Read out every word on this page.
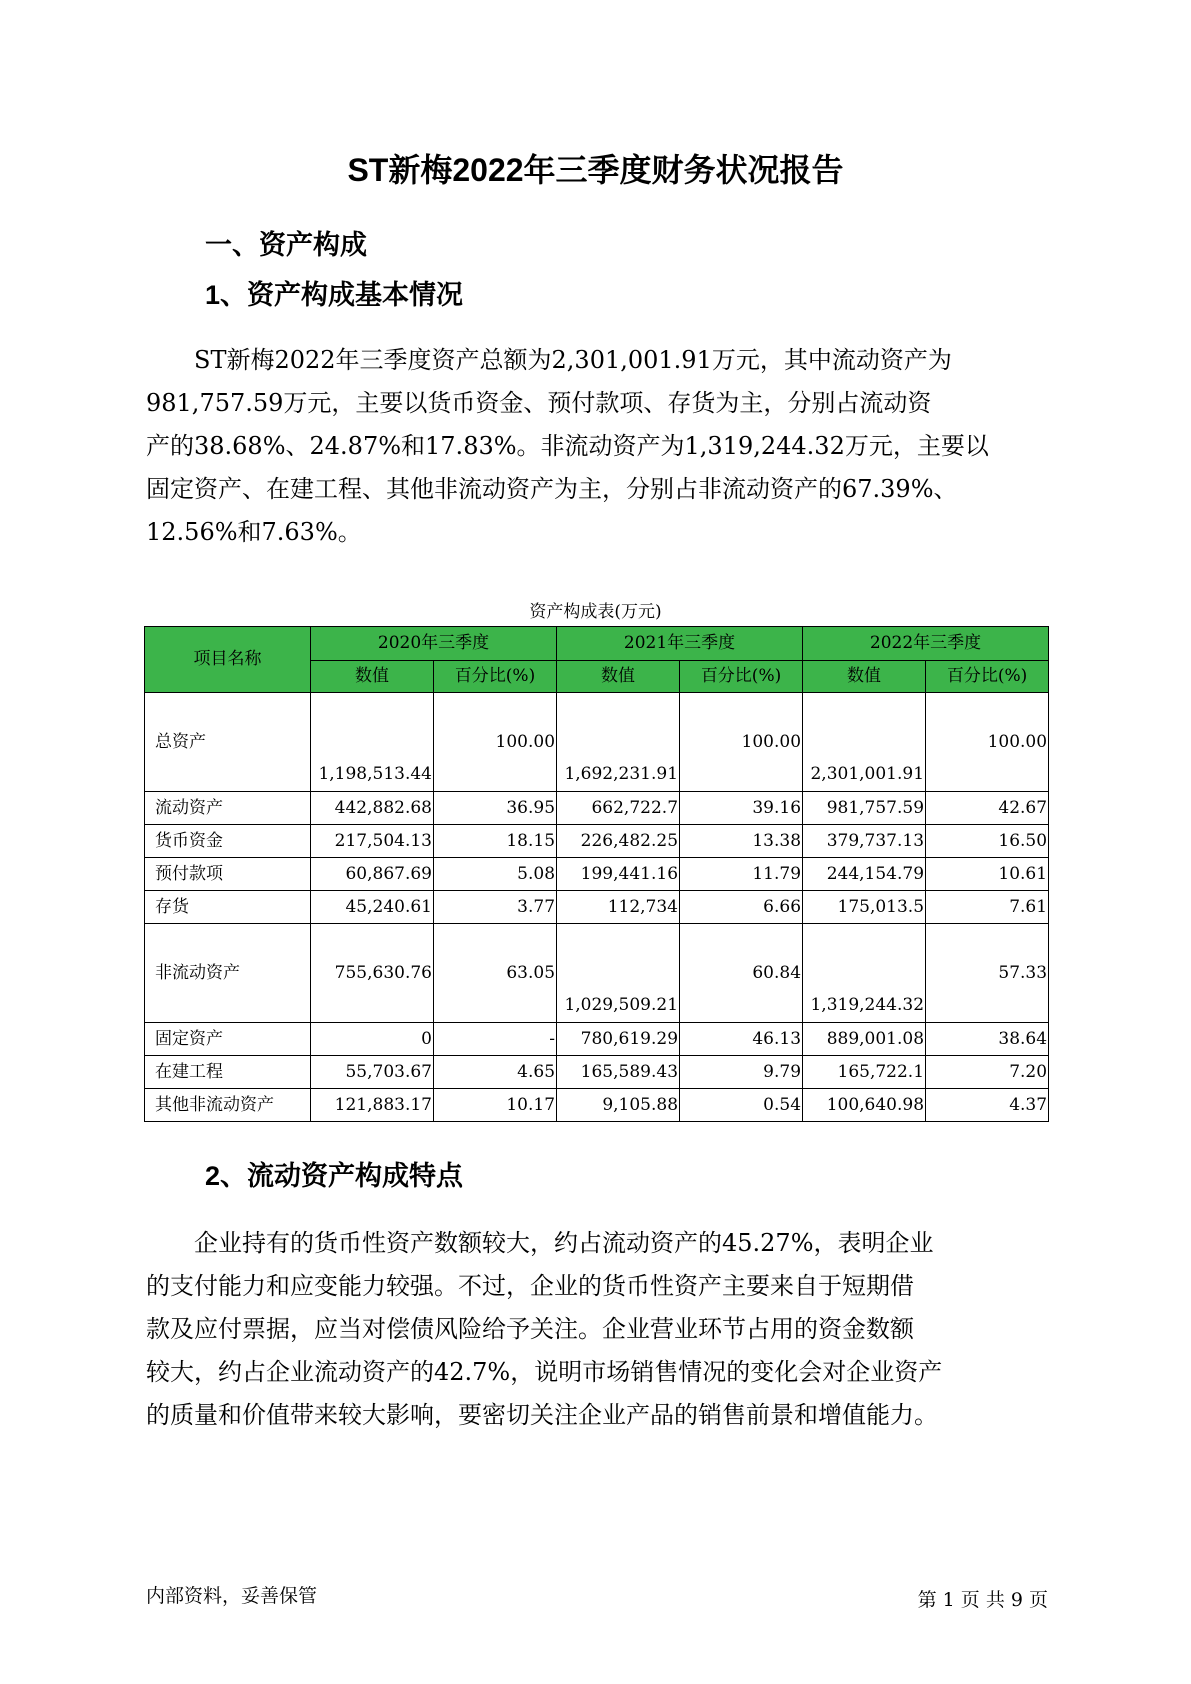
ST新梅2022年三季度财务状况报告
一、资产构成
1、资产构成基本情况

ST新梅2022年三季度资产总额为2,301,001.91万元，其中流动资产为
981,757.59万元，主要以货币资金、预付款项、存货为主，分别占流动资
产的38.68%、24.87%和17.83%。非流动资产为1,319,244.32万元，主要以
固定资产、在建工程、其他非流动资产为主，分别占非流动资产的67.39%、
12.56%和7.63%。

资产构成表(万元)

项目名称	2020年三季度		2021年三季度		2022年三季度	
	数值	百分比(%)	数值	百分比(%)	数值	百分比(%)
总资产	1,198,513.44	100.00	1,692,231.91	100.00	2,301,001.91	100.00
流动资产	442,882.68	36.95	662,722.7	39.16	981,757.59	42.67
货币资金	217,504.13	18.15	226,482.25	13.38	379,737.13	16.50
预付款项	60,867.69	5.08	199,441.16	11.79	244,154.79	10.61
存货	45,240.61	3.77	112,734	6.66	175,013.5	7.61
非流动资产	755,630.76	63.05	1,029,509.21	60.84	1,319,244.32	57.33
固定资产	0	-	780,619.29	46.13	889,001.08	38.64
在建工程	55,703.67	4.65	165,589.43	9.79	165,722.1	7.20
其他非流动资产	121,883.17	10.17	9,105.88	0.54	100,640.98	4.37
2、流动资产构成特点

企业持有的货币性资产数额较大，约占流动资产的45.27%，表明企业
的支付能力和应变能力较强。不过，企业的货币性资产主要来自于短期借
款及应付票据，应当对偿债风险给予关注。企业营业环节占用的资金数额
较大，约占企业流动资产的42.7%，说明市场销售情况的变化会对企业资产
的质量和价值带来较大影响，要密切关注企业产品的销售前景和增值能力。

内部资料，妥善保管	第 1 页 共 9 页
